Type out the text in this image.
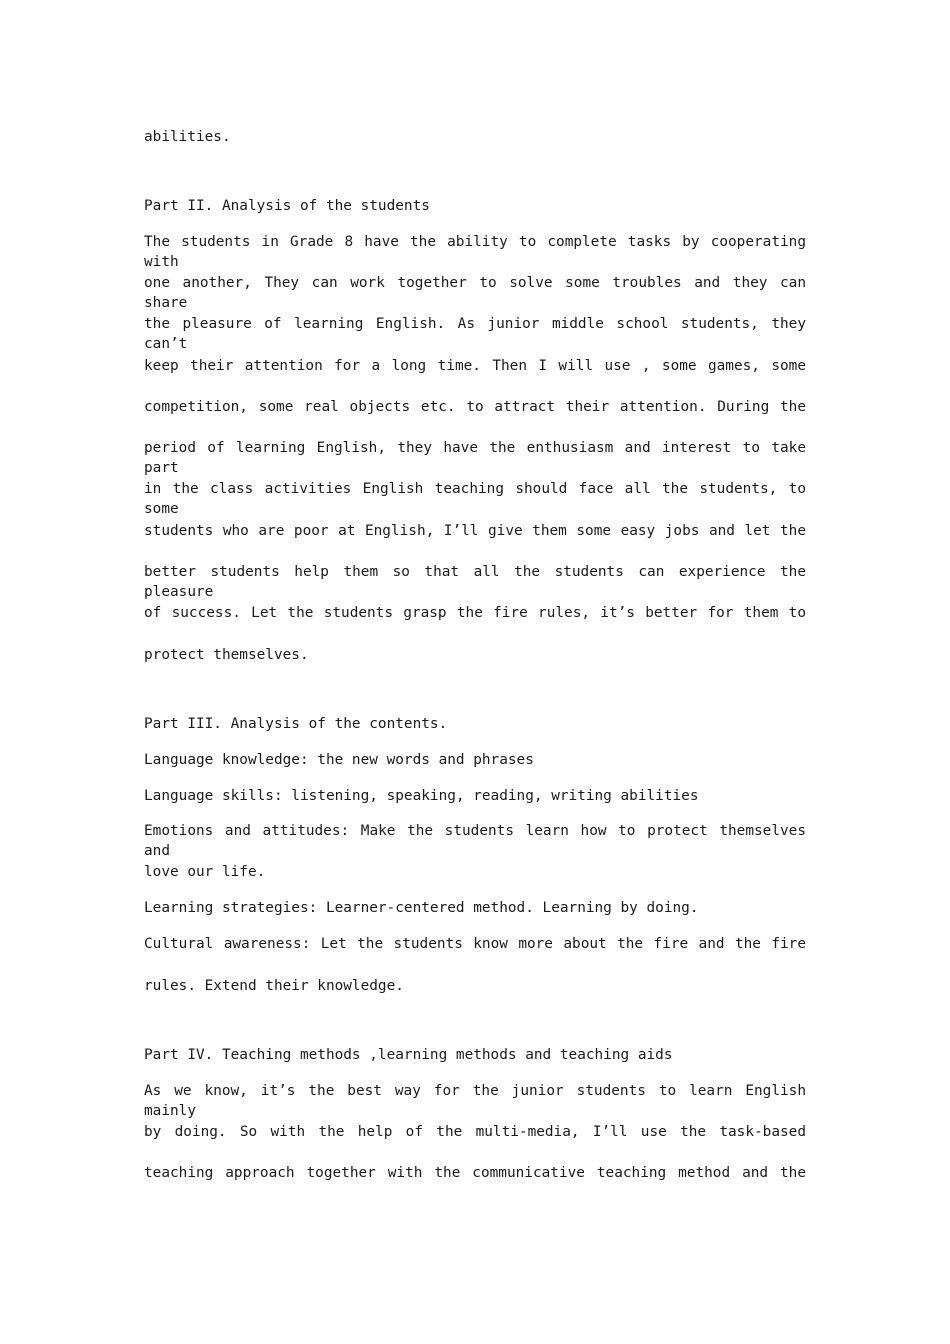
abilities.
Part II. Analysis of the students
The students in Grade 8 have the ability to complete tasks by cooperating with
one another, They can work together to solve some troubles and they can share
the pleasure of learning English. As junior middle school students, they can’t
keep their attention for a long time. Then I will use , some games, some
competition, some real objects etc. to attract their attention. During the
period of learning English, they have the enthusiasm and interest to take part
in the class activities English teaching should face all the students, to some
students who are poor at English, I’ll give them some easy jobs and let the
better students help them so that all the students can experience the pleasure
of success. Let the students grasp the fire rules, it’s better for them to
protect themselves.
Part III. Analysis of the contents.
Language knowledge: the new words and phrases
Language skills: listening, speaking, reading, writing abilities
Emotions and attitudes: Make the students learn how to protect themselves and
love our life.
Learning strategies: Learner-centered method. Learning by doing.
Cultural awareness: Let the students know more about the fire and the fire
rules. Extend their knowledge.
Part IV. Teaching methods ,learning methods and teaching aids
As we know, it’s the best way for the junior students to learn English mainly
by doing. So with the help of the multi-media, I’ll use the task-based
teaching approach together with the communicative teaching method and the
